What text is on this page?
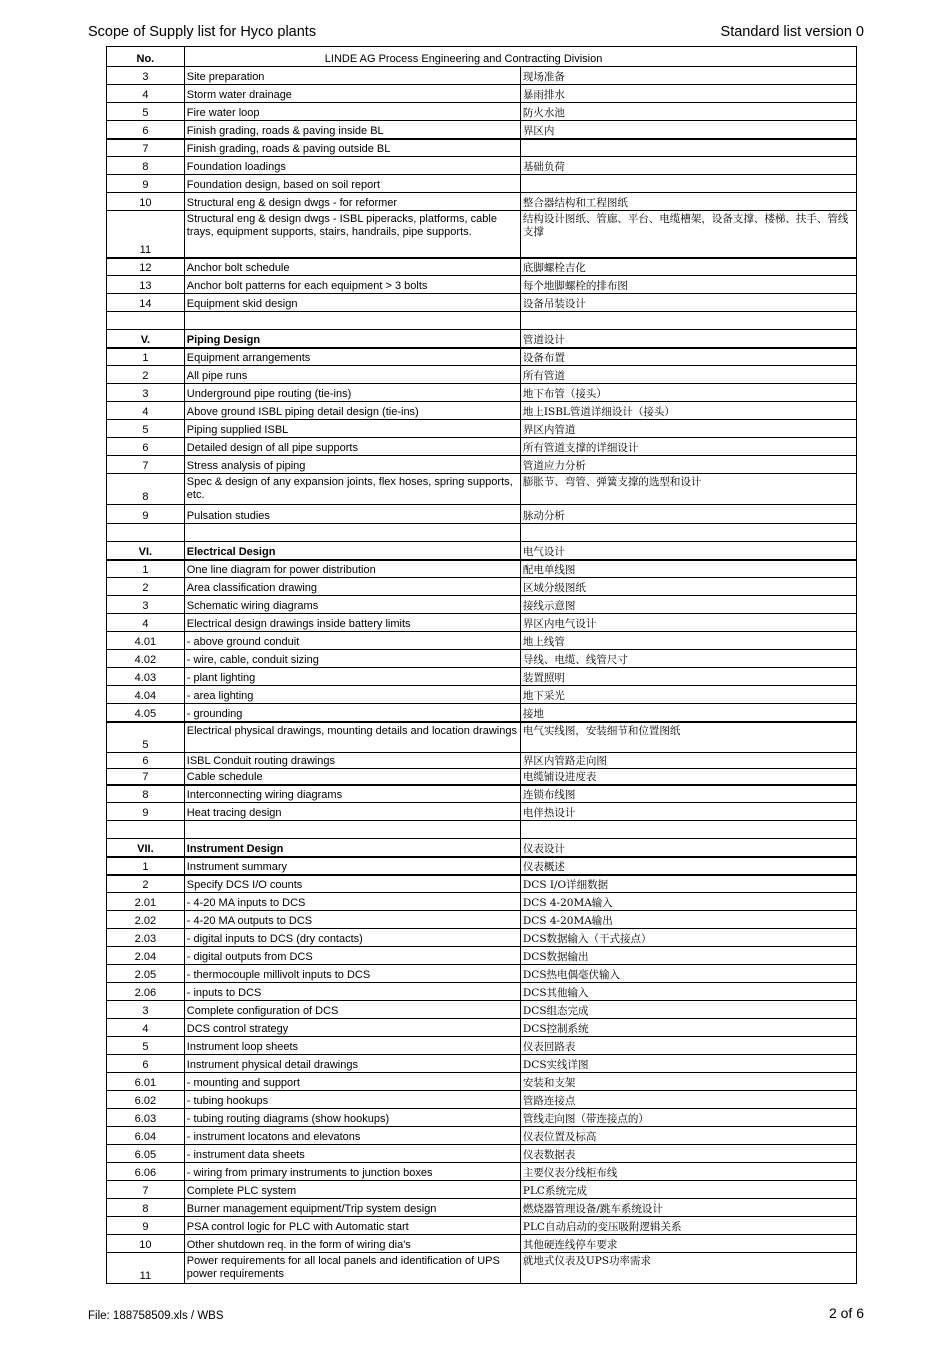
Scope of Supply list for Hyco plants	Standard list version 0
No.	LINDE AG Process Engineering and Contracting Division	
3	Site preparation	现场准备
4	Storm water drainage	暴雨排水
5	Fire water loop	防火水池
6	Finish grading, roads & paving inside BL	界区内
7	Finish grading, roads & paving outside BL	
8	Foundation loadings	基础负荷
9	Foundation design, based on soil report	
10	Structural eng & design dwgs - for reformer	整合器结构和工程图纸
11	Structural eng & design dwgs - ISBL piperacks, platforms, cable trays, equipment supports, stairs, handrails, pipe supports.	结构设计图纸、管廊、平台、电缆槽架，设备支撑、楼梯、扶手、管线支撑
12	Anchor bolt schedule	底脚螺栓吉化
13	Anchor bolt patterns for each equipment > 3 bolts	每个地脚螺栓的排布图
14	Equipment skid design	设备吊装设计

V.	Piping Design	管道设计
1	Equipment arrangements	设备布置
2	All pipe runs	所有管道
3	Underground pipe routing (tie-ins)	地下布管（接头）
4	Above ground ISBL piping detail design (tie-ins)	地上ISBL管道详细设计（接头）
5	Piping supplied ISBL	界区内管道
6	Detailed design of all pipe supports	所有管道支撑的详细设计
7	Stress analysis of piping	管道应力分析
8	Spec & design of any expansion joints, flex hoses, spring supports, etc.	膨胀节、弯管、弹簧支撑的选型和设计
9	Pulsation studies	脉动分析

VI.	Electrical Design	电气设计
1	One line diagram for power distribution	配电单线图
2	Area classification drawing	区域分级图纸
3	Schematic wiring diagrams	接线示意图
4	Electrical design drawings inside battery limits	界区内电气设计
4.01	- above ground conduit	地上线管
4.02	- wire, cable, conduit sizing	导线、电缆、线管尺寸
4.03	- plant lighting	装置照明
4.04	- area lighting	地下采光
4.05	- grounding	接地
5	Electrical physical drawings, mounting details and location drawings	电气实线图，安装细节和位置图纸
6	ISBL Conduit routing drawings	界区内管路走向图
7	Cable schedule	电缆铺设进度表
8	Interconnecting wiring diagrams	连锁布线图
9	Heat tracing design	电伴热设计

VII.	Instrument Design	仪表设计
1	Instrument summary	仪表概述
2	Specify DCS I/O counts	DCS I/O详细数据
2.01	- 4-20 MA inputs to DCS	DCS 4-20MA输入
2.02	- 4-20 MA outputs to DCS	DCS 4-20MA输出
2.03	- digital inputs to DCS (dry contacts)	DCS数据输入（干式接点）
2.04	- digital outputs from DCS	DCS数据输出
2.05	- thermocouple millivolt inputs to DCS	DCS热电偶毫伏输入
2.06	- inputs to DCS	DCS其他输入
3	Complete configuration of DCS	DCS组态完成
4	DCS control strategy	DCS控制系统
5	Instrument loop sheets	仪表回路表
6	Instrument physical detail drawings	DCS实线详图
6.01	- mounting and support	安装和支架
6.02	- tubing hookups	管路连接点
6.03	- tubing routing diagrams (show hookups)	管线走向图（带连接点的）
6.04	- instrument locatons and elevatons	仪表位置及标高
6.05	- instrument data sheets	仪表数据表
6.06	- wiring from primary instruments to junction boxes	主要仪表分线柜布线
7	Complete PLC system	PLC系统完成
8	Burner management equipment/Trip system design	燃烧器管理设备/跳车系统设计
9	PSA control logic for PLC with Automatic start	PLC自动启动的变压吸附逻辑关系
10	Other shutdown req. in the form of wiring dia's	其他硬连线停车要求
11	Power requirements for all local panels and identification of UPS power requirements	就地式仪表及UPS功率需求
File: 188758509.xls / WBS	2 of 6
